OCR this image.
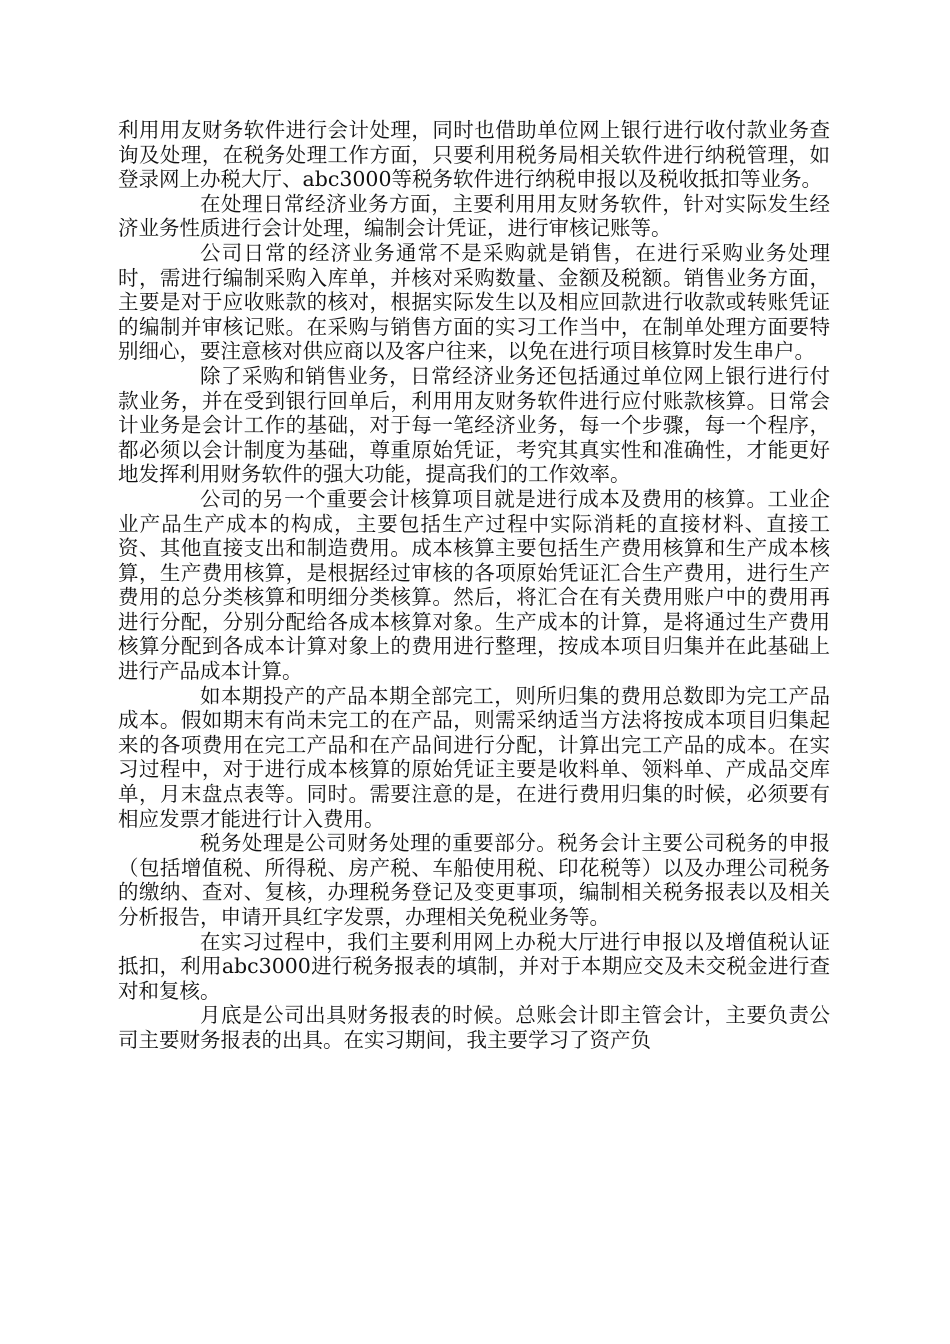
利用用友财务软件进行会计处理，同时也借助单位网上银行进行收付款业务查询及处理，在税务处理工作方面，只要利用税务局相关软件进行纳税管理，如登录网上办税大厅、abc3000等税务软件进行纳税申报以及税收抵扣等业务。

在处理日常经济业务方面，主要利用用友财务软件，针对实际发生经济业务性质进行会计处理，编制会计凭证，进行审核记账等。

公司日常的经济业务通常不是采购就是销售，在进行采购业务处理时，需进行编制采购入库单，并核对采购数量、金额及税额。销售业务方面，主要是对于应收账款的核对，根据实际发生以及相应回款进行收款或转账凭证的编制并审核记账。在采购与销售方面的实习工作当中，在制单处理方面要特别细心，要注意核对供应商以及客户往来，以免在进行项目核算时发生串户。

除了采购和销售业务，日常经济业务还包括通过单位网上银行进行付款业务，并在受到银行回单后，利用用友财务软件进行应付账款核算。日常会计业务是会计工作的基础，对于每一笔经济业务，每一个步骤，每一个程序，都必须以会计制度为基础，尊重原始凭证，考究其真实性和准确性，才能更好地发挥利用财务软件的强大功能，提高我们的工作效率。

公司的另一个重要会计核算项目就是进行成本及费用的核算。工业企业产品生产成本的构成，主要包括生产过程中实际消耗的直接材料、直接工资、其他直接支出和制造费用。成本核算主要包括生产费用核算和生产成本核算，生产费用核算，是根据经过审核的各项原始凭证汇合生产费用，进行生产费用的总分类核算和明细分类核算。然后，将汇合在有关费用账户中的费用再进行分配，分别分配给各成本核算对象。生产成本的计算，是将通过生产费用核算分配到各成本计算对象上的费用进行整理，按成本项目归集并在此基础上进行产品成本计算。

如本期投产的产品本期全部完工，则所归集的费用总数即为完工产品成本。假如期末有尚未完工的在产品，则需采纳适当方法将按成本项目归集起来的各项费用在完工产品和在产品间进行分配，计算出完工产品的成本。在实习过程中，对于进行成本核算的原始凭证主要是收料单、领料单、产成品交库单，月末盘点表等。同时。需要注意的是，在进行费用归集的时候，必须要有相应发票才能进行计入费用。

税务处理是公司财务处理的重要部分。税务会计主要公司税务的申报（包括增值税、所得税、房产税、车船使用税、印花税等）以及办理公司税务的缴纳、查对、复核，办理税务登记及变更事项，编制相关税务报表以及相关分析报告，申请开具红字发票，办理相关免税业务等。

在实习过程中，我们主要利用网上办税大厅进行申报以及增值税认证抵扣，利用abc3000进行税务报表的填制，并对于本期应交及未交税金进行查对和复核。

月底是公司出具财务报表的时候。总账会计即主管会计，主要负责公司主要财务报表的出具。在实习期间，我主要学习了资产负
